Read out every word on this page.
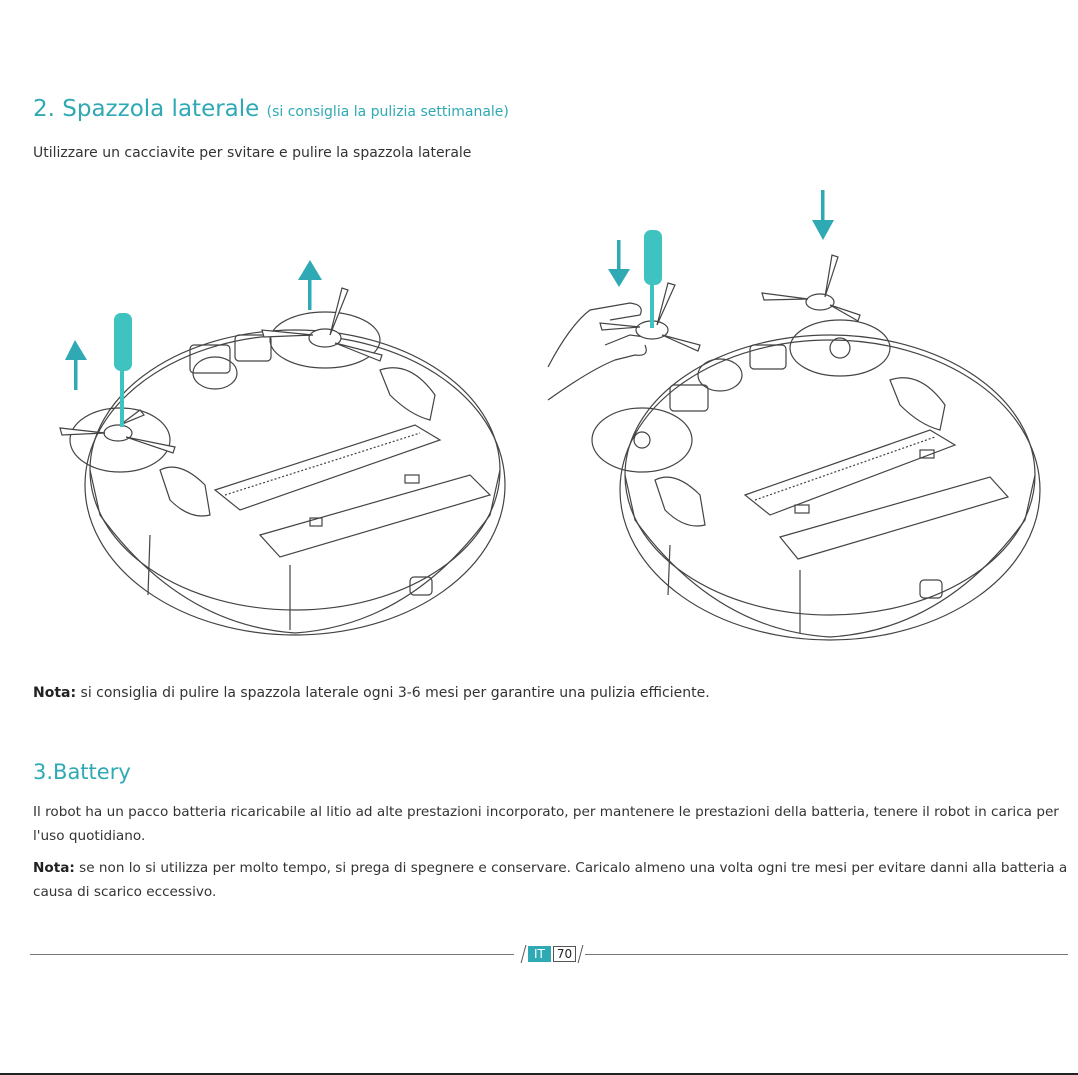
2. Spazzola laterale (si consiglia la pulizia settimanale)
Utilizzare un cacciavite per svitare e pulire la spazzola laterale
Nota: si consiglia di pulire la spazzola laterale ogni 3-6 mesi per garantire una pulizia efficiente.
3.Battery
Il robot ha un pacco batteria ricaricabile al litio ad alte prestazioni incorporato, per mantenere le prestazioni della batteria, tenere il robot in carica per l'uso quotidiano.
Nota: se non lo si utilizza per molto tempo, si prega di spegnere e conservare. Caricalo almeno una volta ogni tre mesi per evitare danni alla batteria a causa di scarico eccessivo.
IT	70
